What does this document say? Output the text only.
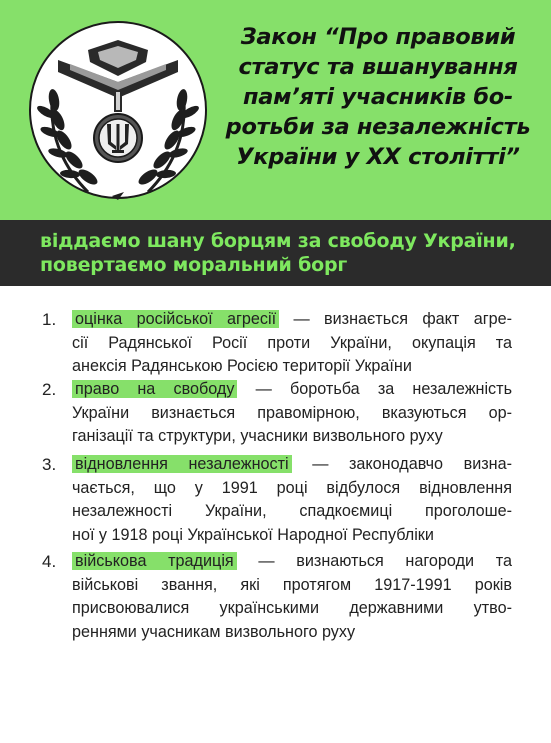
Закон “Про правовий
статус та вшанування
пам’яті учасників бо-
ротьби за незалежність
України у ХХ столітті”
віддаємо шану борцям за свободу України,
повертаємо моральний борг
1. оцінка російської агресії — визнається факт агре-
сії Радянської Росії проти України, окупація та
анексія Радянською Росією території України
2. право на свободу — боротьба за незалежність
України визнається правомірною, вказуються ор-
ганізації та структури, учасники визвольного руху
3. відновлення незалежності — законодавчо визна-
чається, що у 1991 році відбулося відновлення
незалежності України, спадкоємиці проголоше-
ної у 1918 році Української Народної Республіки
4. військова традиція — визнаються нагороди та
військові звання, які протягом 1917-1991 років
присвоювалися українськими державними утво-
реннями учасникам визвольного руху
